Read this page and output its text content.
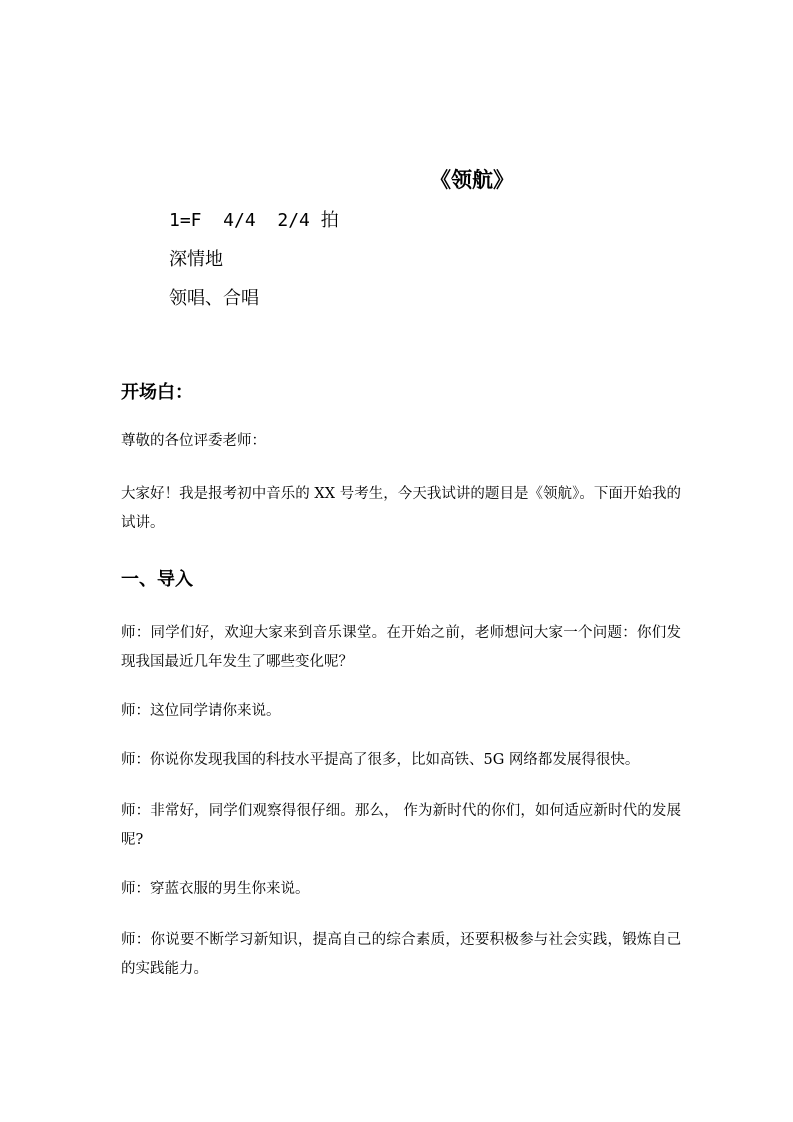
《领航》

1=F  4/4  2/4 拍

深情地

领唱、合唱

开场白：

尊敬的各位评委老师：

大家好！我是报考初中音乐的 XX 号考生，今天我试讲的题目是《领航》。下面开始我的试讲。

一、导入

师：同学们好，欢迎大家来到音乐课堂。在开始之前，老师想问大家一个问题：你们发现我国最近几年发生了哪些变化呢？

师：这位同学请你来说。

师：你说你发现我国的科技水平提高了很多，比如高铁、5G 网络都发展得很快。

师：非常好，同学们观察得很仔细。那么， 作为新时代的你们，如何适应新时代的发展呢?

师：穿蓝衣服的男生你来说。

师：你说要不断学习新知识，提高自己的综合素质，还要积极参与社会实践，锻炼自己的实践能力。
